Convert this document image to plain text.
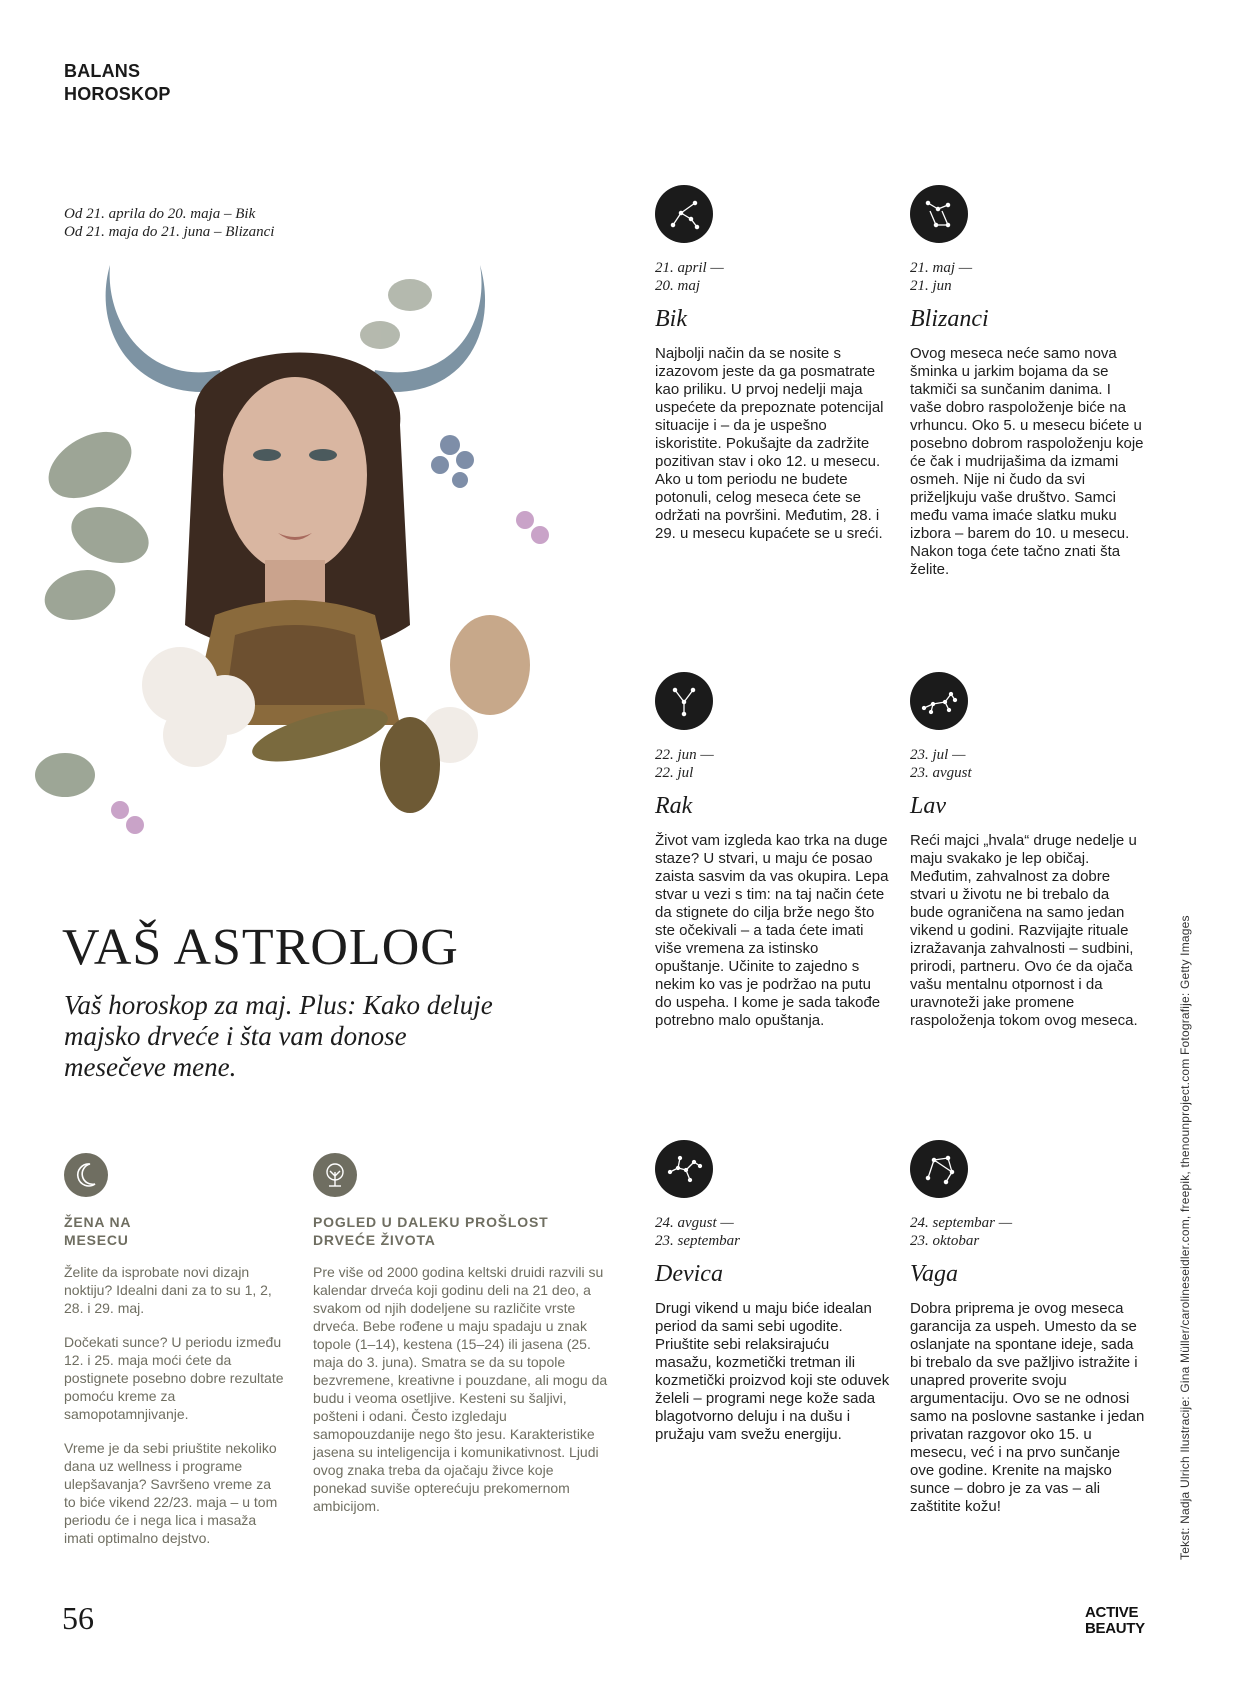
BALANS
HOROSKOP
Od 21. aprila do 20. maja – Bik
Od 21. maja do 21. juna – Blizanci
VAŠ ASTROLOG
Vaš horoskop za maj. Plus: Kako deluje majsko drveće i šta vam donose mesečeve mene.
21. april —
20. maj
Bik
Najbolji način da se nosite s izazovom jeste da ga posmatrate kao priliku. U prvoj nedelji maja uspećete da prepoznate potencijal situacije i – da je uspešno iskoristite. Pokušajte da zadržite pozitivan stav i oko 12. u mesecu. Ako u tom periodu ne budete potonuli, celog meseca ćete se održati na površini. Međutim, 28. i 29. u mesecu kupaćete se u sreći.
21. maj —
21. jun
Blizanci
Ovog meseca neće samo nova šminka u jarkim bojama da se takmiči sa sunčanim danima. I vaše dobro raspoloženje biće na vrhuncu. Oko 5. u mesecu bićete u posebno dobrom raspoloženju koje će čak i mudrijašima da izmami osmeh. Nije ni čudo da svi priželjkuju vaše društvo. Samci među vama imaće slatku muku izbora – barem do 10. u mesecu. Nakon toga ćete tačno znati šta želite.
22. jun —
22. jul
Rak
Život vam izgleda kao trka na duge staze? U stvari, u maju će posao zaista sasvim da vas okupira. Lepa stvar u vezi s tim: na taj način ćete da stignete do cilja brže nego što ste očekivali – a tada ćete imati više vremena za istinsko opuštanje. Učinite to zajedno s nekim ko vas je podržao na putu do uspeha. I kome je sada takođe potrebno malo opuštanja.
23. jul —
23. avgust
Lav
Reći majci „hvala“ druge nedelje u maju svakako je lep običaj. Međutim, zahvalnost za dobre stvari u životu ne bi trebalo da bude ograničena na samo jedan vikend u godini. Razvijajte rituale izražavanja zahvalnosti – sudbini, prirodi, partneru. Ovo će da ojača vašu mentalnu otpornost i da uravnoteži jake promene raspoloženja tokom ovog meseca.
24. avgust —
23. septembar
Devica
Drugi vikend u maju biće idealan period da sami sebi ugodite. Priuštite sebi relaksirajuću masažu, kozmetički tretman ili kozmetički proizvod koji ste oduvek želeli – programi nege kože sada blagotvorno deluju i na dušu i pružaju vam svežu energiju.
24. septembar —
23. oktobar
Vaga
Dobra priprema je ovog meseca garancija za uspeh. Umesto da se oslanjate na spontane ideje, sada bi trebalo da sve pažljivo istražite i unapred proverite svoju argumentaciju. Ovo se ne odnosi samo na poslovne sastanke i jedan privatan razgovor oko 15. u mesecu, već i na prvo sunčanje ove godine. Krenite na majsko sunce – dobro je za vas – ali zaštitite kožu!
ŽENA NA
MESECU
Želite da isprobate novi dizajn noktiju? Idealni dani za to su 1, 2, 28. i 29. maj.
Dočekati sunce? U periodu između 12. i 25. maja moći ćete da postignete posebno dobre rezultate pomoću kreme za samopotamnjivanje.
Vreme je da sebi priuštite nekoliko dana uz wellness i programe ulepšavanja? Savršeno vreme za to biće vikend 22/23. maja – u tom periodu će i nega lica i masaža imati optimalno dejstvo.
POGLED U DALEKU PROŠLOST
DRVEĆE ŽIVOTA
Pre više od 2000 godina keltski druidi razvili su kalendar drveća koji godinu deli na 21 deo, a svakom od njih dodeljene su različite vrste drveća. Bebe rođene u maju spadaju u znak topole (1–14), kestena (15–24) ili jasena (25. maja do 3. juna). Smatra se da su topole bezvremene, kreativne i pouzdane, ali mogu da budu i veoma osetljive. Kesteni su šaljivi, pošteni i odani. Često izgledaju samopouzdanije nego što jesu. Karakteristike jasena su inteligencija i komunikativnost. Ljudi ovog znaka treba da ojačaju živce koje ponekad suviše opterećuju prekomernom ambicijom.	Tekst: Nadja Ulrich Ilustracije: Gina Müller/carolineseidler.com, freepik, thenounproject.com Fotografije: Getty Images
56	ACTIVE
BEAUTY
